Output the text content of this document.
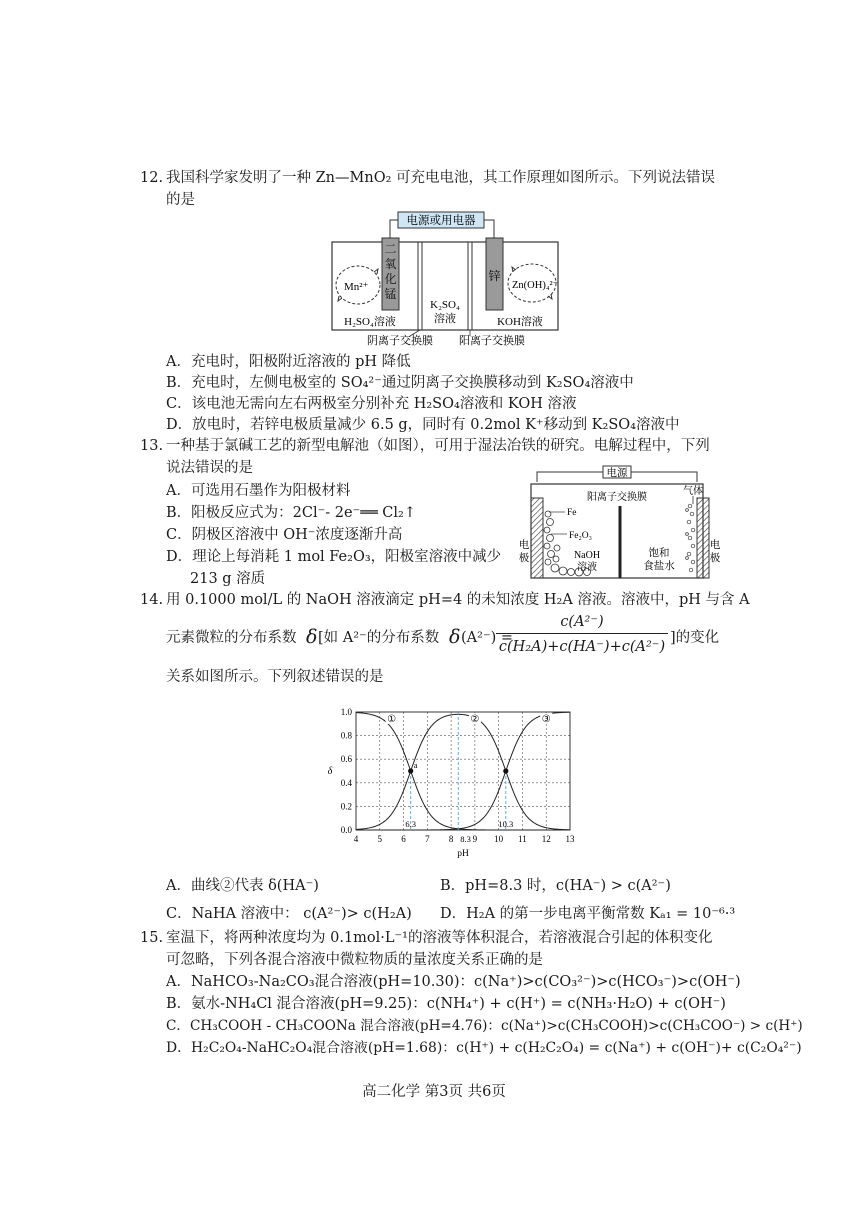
12. 我国科学家发明了一种 Zn—MnO₂ 可充电电池，其工作原理如图所示。下列说法错误
的是
电源或用电器
二
氧
化
锰
锌
Mn²⁺	Zn(OH)₄²⁻
K₂SO₄
溶液
H₂SO₄溶液	KOH溶液
阴离子交换膜 阳离子交换膜
A．充电时，阳极附近溶液的 pH 降低
B．充电时，左侧电极室的 SO₄²⁻通过阴离子交换膜移动到 K₂SO₄溶液中
C．该电池无需向左右两极室分别补充 H₂SO₄溶液和 KOH 溶液
D．放电时，若锌电极质量减少 6.5 g，同时有 0.2mol K⁺移动到 K₂SO₄溶液中
13. 一种基于氯碱工艺的新型电解池（如图），可用于湿法冶铁的研究。电解过程中，下列
说法错误的是
A．可选用石墨作为阳极材料
B．阳极反应式为：2Cl⁻- 2e⁻══ Cl₂↑
C．阴极区溶液中 OH⁻浓度逐渐升高
D．理论上每消耗 1 mol Fe₂O₃，阳极室溶液中减少
213 g 溶质
电源
阳离子交换膜
Fe
Fe₂O₃
NaOH
溶液
饱和
食盐水
气体
电
极
电
极
14. 用 0.1000 mol/L 的 NaOH 溶液滴定 pH=4 的未知浓度 H₂A 溶液。溶液中，pH 与含 A
元素微粒的分布系数 δ [如 A²⁻的分布系数 δ (A²⁻) =
c(A²⁻)
c(H₂A)+c(HA⁻)+c(A²⁻)
]的变化
关系如图所示。下列叙述错误的是
4 5 6 7 8 9 10 11 12 13
0.0
0.2
0.4
0.6
0.8
1.0
pH
δ
①	②	③
a
6.3
8.3
10.3
A．曲线②代表 δ(HA⁻)	B．pH=8.3 时，c(HA⁻) > c(A²⁻)
C．NaHA 溶液中： c(A²⁻)> c(H₂A) D．H₂A 的第一步电离平衡常数 Kₐ₁ = 10⁻⁶·³
15. 室温下，将两种浓度均为 0.1mol·L⁻¹的溶液等体积混合，若溶液混合引起的体积变化
可忽略，下列各混合溶液中微粒物质的量浓度关系正确的是
A．NaHCO₃-Na₂CO₃混合溶液(pH=10.30)：c(Na⁺)>c(CO₃²⁻)>c(HCO₃⁻)>c(OH⁻)
B．氨水-NH₄Cl 混合溶液(pH=9.25)：c(NH₄⁺) + c(H⁺) = c(NH₃·H₂O) + c(OH⁻)
C．CH₃COOH - CH₃COONa 混合溶液(pH=4.76)：c(Na⁺)>c(CH₃COOH)>c(CH₃COO⁻) > c(H⁺)
D．H₂C₂O₄-NaHC₂O₄混合溶液(pH=1.68)：c(H⁺) + c(H₂C₂O₄) = c(Na⁺) + c(OH⁻)+ c(C₂O₄²⁻)
高二化学 第3页 共6页
